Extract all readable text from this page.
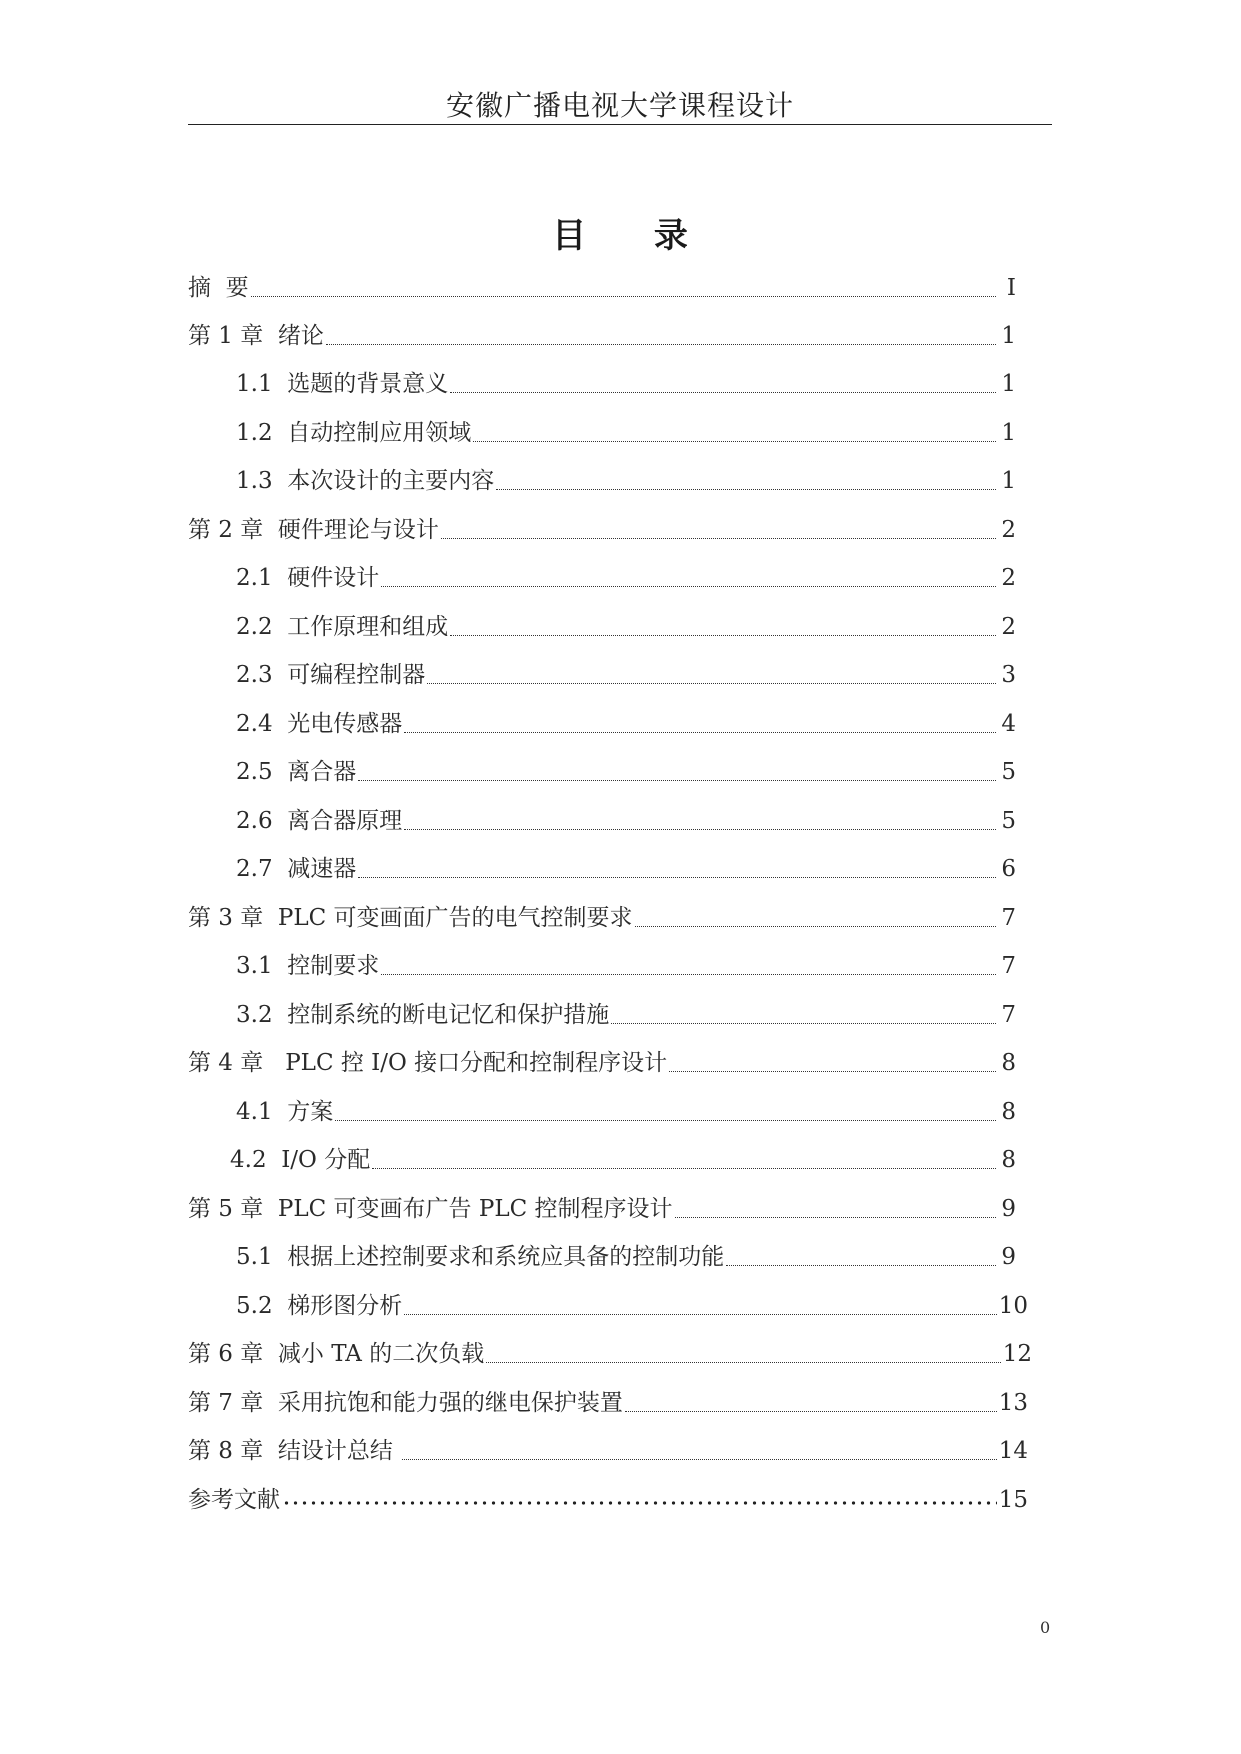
安徽广播电视大学课程设计
目 录
摘  要	I
第 1 章  绪论	1
1.1  选题的背景意义	1
1.2  自动控制应用领域	1
1.3  本次设计的主要内容	1
第 2 章  硬件理论与设计	2
2.1  硬件设计	2
2.2  工作原理和组成	2
2.3  可编程控制器	3
2.4  光电传感器	4
2.5  离合器	5
2.6  离合器原理	5
2.7  减速器	6
第 3 章  PLC 可变画面广告的电气控制要求	7
3.1  控制要求	7
3.2  控制系统的断电记忆和保护措施	7
第 4 章   PLC 控 I/O 接口分配和控制程序设计	8
4.1  方案	8
4.2  I/O 分配	8
第 5 章  PLC 可变画布广告 PLC 控制程序设计	9
5.1  根据上述控制要求和系统应具备的控制功能	9
5.2  梯形图分析	10
第 6 章  减小 TA 的二次负载	12
第 7 章  采用抗饱和能力强的继电保护装置	13
第 8 章  结设计总结	14
参考文献	15
0
